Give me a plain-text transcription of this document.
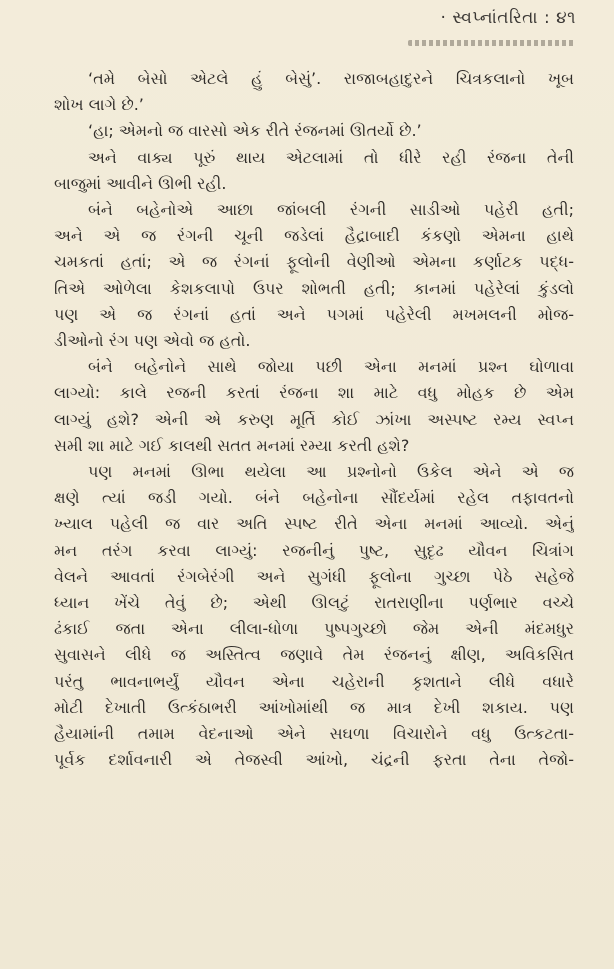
· સ્વપ્નાંતરિતા : ૪૧
‘તમે બેસો એટલે હું બેસું’. રાજાબહાદુરને ચિત્રકલાનો ખૂબ
શોખ લાગે છે.’
‘હા; એમનો જ વારસો એક રીતે રંજનમાં ઊતર્યો છે.’
અને વાક્ય પૂરું થાય એટલામાં તો ધીરે રહી રંજના તેની
બાજુમાં આવીને ઊભી રહી.
બંને બહેનોએ આછા જાંબલી રંગની સાડીઓ પહેરી હતી;
અને એ જ રંગની ચૂની જડેલાં હૈદ્રાબાદી કંકણો એમના હાથે
ચમકતાં હતાં; એ જ રંગનાં ફૂલોની વેણીઓ એમના કર્ણાટક પદ્ધ-
તિએ ઓળેલા કેશકલાપો ઉપર શોભતી હતી; કાનમાં પહેરેલાં કુંડલો
પણ એ જ રંગનાં હતાં અને પગમાં પહેરેલી મખમલની મોજ-
ડીઓનો રંગ પણ એવો જ હતો.
બંને બહેનોને સાથે જોયા પછી એના મનમાં પ્રશ્ન ઘોળાવા
લાગ્યો: કાલે રજની કરતાં રંજના શા માટે વધુ મોહક છે એમ
લાગ્યું હશે? એની એ કરુણ મૂર્તિ કોઈ ઝાંખા અસ્પષ્ટ રમ્ય સ્વપ્ન
સમી શા માટે ગઈ કાલથી સતત મનમાં રમ્યા કરતી હશે?
પણ મનમાં ઊભા થયેલા આ પ્રશ્નોનો ઉકેલ એને એ જ
ક્ષણે ત્યાં જડી ગયો. બંને બહેનોના સૌંદર્યમાં રહેલ તફાવતનો
ખ્યાલ પહેલી જ વાર અતિ સ્પષ્ટ રીતે એના મનમાં આવ્યો. એનું
મન તરંગ કરવા લાગ્યું: રજનીનું પુષ્ટ, સુદૃઢ યૌવન ચિત્રાંગ
વેલને આવતાં રંગબેરંગી અને સુગંધી ફૂલોના ગુચ્છા પેઠે સહેજે
ધ્યાન ખેંચે તેવું છે; એથી ઊલટું રાતરાણીના પર્ણભાર વચ્ચે
ઢંકાઈ જતા એના લીલા-ધોળા પુષ્પગુચ્છો જેમ એની મંદમધુર
સુવાસને લીધે જ અસ્તિત્વ જણાવે તેમ રંજનનું ક્ષીણ, અવિકસિત
પરંતુ ભાવનાભર્યું યૌવન એના ચહેરાની કૃશતાને લીધે વધારે
મોટી દેખાતી ઉત્કંઠાભરી આંખોમાંથી જ માત્ર દેખી શકાય. પણ
હૈયામાંની તમામ વેદનાઓ એને સઘળા વિચારોને વધુ ઉત્કટતા-
પૂર્વક દર્શાવનારી એ તેજસ્વી આંખો, ચંદ્રની ફરતા તેના તેજો-
